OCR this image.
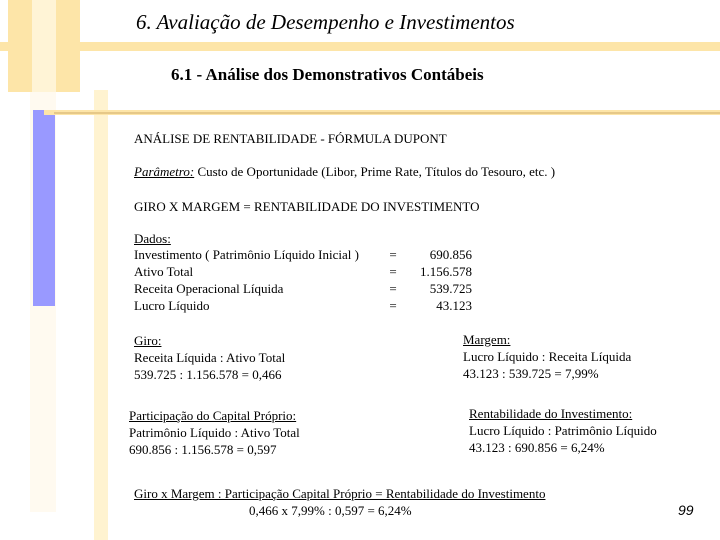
6. Avaliação de Desempenho e Investimentos
6.1 - Análise dos Demonstrativos Contábeis
ANÁLISE DE RENTABILIDADE - FÓRMULA DUPONT
Parâmetro: Custo de Oportunidade (Libor, Prime Rate, Títulos do Tesouro, etc. )
GIRO X MARGEM = RENTABILIDADE DO INVESTIMENTO
Dados:
Investimento ( Patrimônio Líquido Inicial ) =	690.856
Ativo Total	= 1.156.578
Receita Operacional Líquida	=	539.725
Lucro Líquido	=	43.123
Giro:
Receita Líquida : Ativo Total
539.725 : 1.156.578 = 0,466
Margem:
Lucro Líquido : Receita Líquida
43.123 : 539.725 = 7,99%
Participação do Capital Próprio:
Patrimônio Líquido : Ativo Total
690.856 : 1.156.578 = 0,597
Rentabilidade do Investimento:
Lucro Líquido : Patrimônio Líquido
43.123 : 690.856 = 6,24%
Giro x Margem : Participação Capital Próprio = Rentabilidade do Investimento
0,466 x 7,99% : 0,597 = 6,24%	99
